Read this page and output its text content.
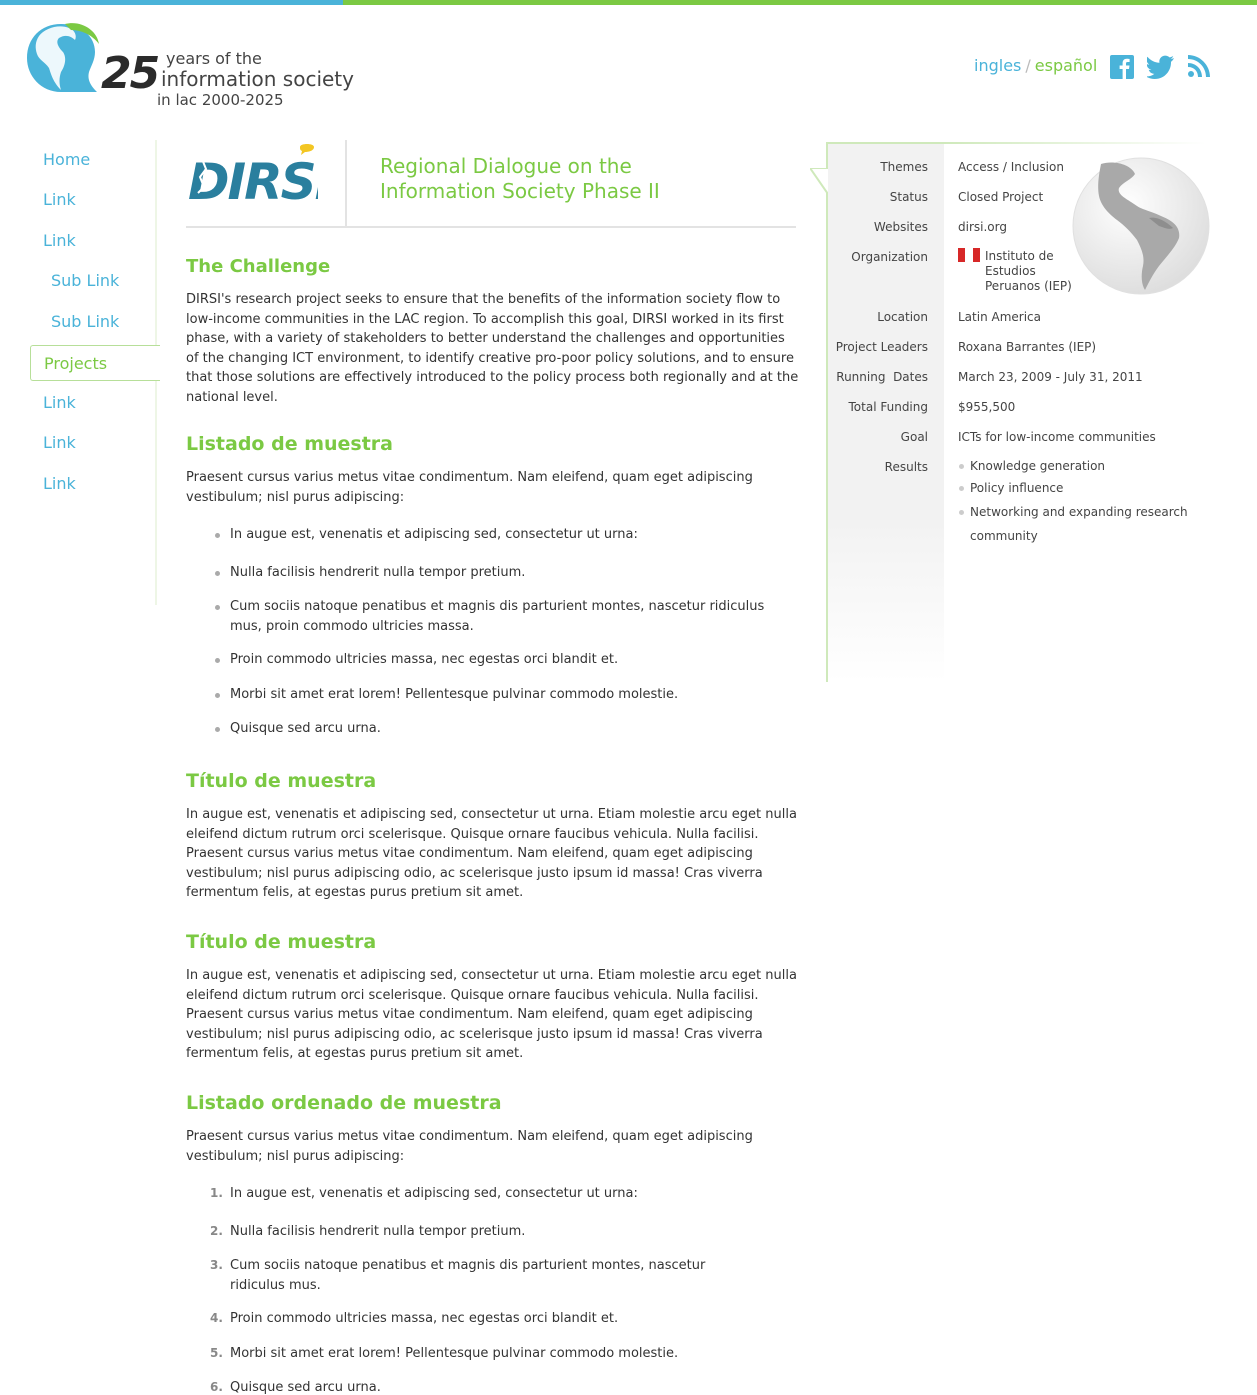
25 years of the
information society
in lac 2000-2025
ingles / español
Home
Link
Link
Sub Link
Sub Link
Projects
Link
Link
Link
DIRSI Regional Dialogue on the Information Society Phase II
The Challenge

DIRSI's research project seeks to ensure that the benefits of the information society flow to low-income communities in the LAC region. To accomplish this goal, DIRSI worked in its first phase, with a variety of stakeholders to better understand the challenges and opportunities of the changing ICT environment, to identify creative pro-poor policy solutions, and to ensure that those solutions are effectively introduced to the policy process both regionally and at the national level.

Listado de muestra

Praesent cursus varius metus vitae condimentum. Nam eleifend, quam eget adipiscing vestibulum; nisl purus adipiscing:

In augue est, venenatis et adipiscing sed, consectetur ut urna:
Nulla facilisis hendrerit nulla tempor pretium.
Cum sociis natoque penatibus et magnis dis parturient montes, nascetur ridiculus mus, proin commodo ultricies massa.
Proin commodo ultricies massa, nec egestas orci blandit et.
Morbi sit amet erat lorem! Pellentesque pulvinar commodo molestie.
Quisque sed arcu urna.
Título de muestra

In augue est, venenatis et adipiscing sed, consectetur ut urna. Etiam molestie arcu eget nulla eleifend dictum rutrum orci scelerisque. Quisque ornare faucibus vehicula. Nulla facilisi. Praesent cursus varius metus vitae condimentum. Nam eleifend, quam eget adipiscing vestibulum; nisl purus adipiscing odio, ac scelerisque justo ipsum id massa! Cras viverra fermentum felis, at egestas purus pretium sit amet.

Título de muestra

In augue est, venenatis et adipiscing sed, consectetur ut urna. Etiam molestie arcu eget nulla eleifend dictum rutrum orci scelerisque. Quisque ornare faucibus vehicula. Nulla facilisi. Praesent cursus varius metus vitae condimentum. Nam eleifend, quam eget adipiscing vestibulum; nisl purus adipiscing odio, ac scelerisque justo ipsum id massa! Cras viverra fermentum felis, at egestas purus pretium sit amet.

Listado ordenado de muestra

Praesent cursus varius metus vitae condimentum. Nam eleifend, quam eget adipiscing vestibulum; nisl purus adipiscing:

1. In augue est, venenatis et adipiscing sed, consectetur ut urna:
2. Nulla facilisis hendrerit nulla tempor pretium.
3. Cum sociis natoque penatibus et magnis dis parturient montes, nascetur ridiculus mus.
4. Proin commodo ultricies massa, nec egestas orci blandit et.
5. Morbi sit amet erat lorem! Pellentesque pulvinar commodo molestie.
6. Quisque sed arcu urna.
Themes	Access / Inclusion
Status	Closed Project
Websites	dirsi.org
Organization	Instituto de
Estudios
Peruanos (IEP)
Location	Latin America
Project Leaders	Roxana Barrantes (IEP)
Running  Dates	March 23, 2009 - July 31, 2011
Total Funding	$955,500
Goal	ICTs for low-income communities
Results	Knowledge generation
Policy influence
Networking and expanding research community
